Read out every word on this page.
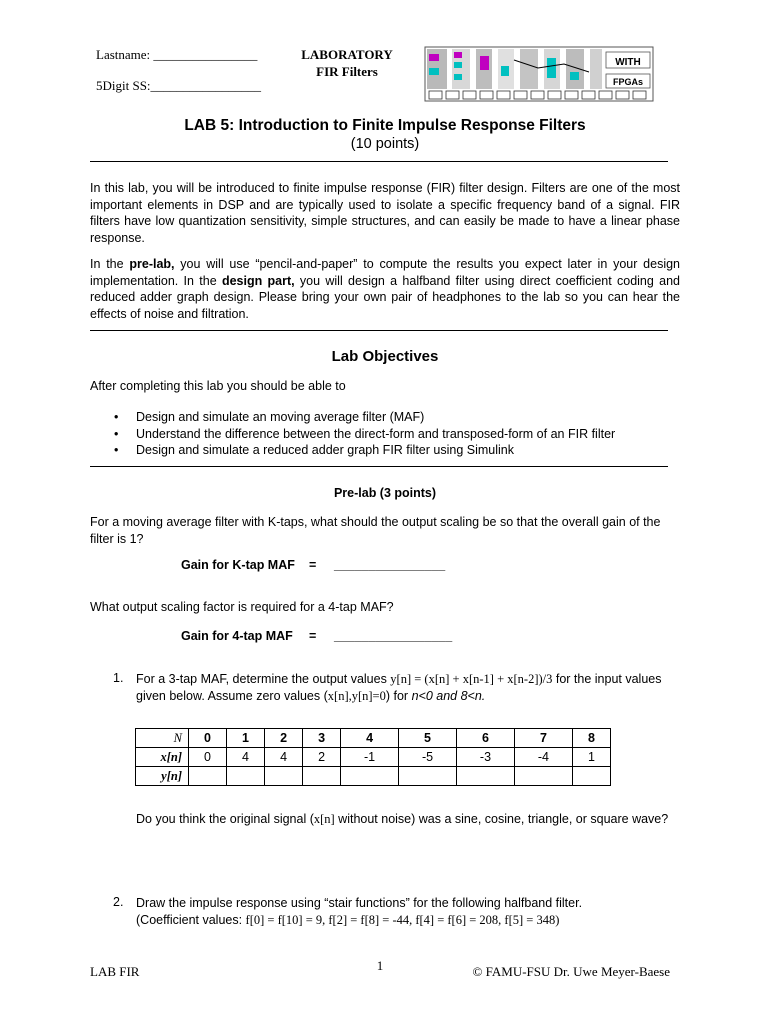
Lastname: ________________
5Digit SS:_________________
LABORATORY
FIR Filters
WITH
FPGAs
LAB 5: Introduction to Finite Impulse Response Filters
(10 points)
In this lab, you will be introduced to finite impulse response (FIR) filter design. Filters are one of the most important elements in DSP and are typically used to isolate a specific frequency band of a signal. FIR filters have low quantization sensitivity, simple structures, and can easily be made to have a linear phase response.
In the pre-lab, you will use “pencil-and-paper” to compute the results you expect later in your design implementation. In the design part, you will design a halfband filter using direct coefficient coding and reduced adder graph design. Please bring your own pair of headphones to the lab so you can hear the effects of noise and filtration.
Lab Objectives
After completing this lab you should be able to
• Design and simulate an moving average filter (MAF)
• Understand the difference between the direct-form and transposed-form of an FIR filter
• Design and simulate a reduced adder graph FIR filter using Simulink
Pre-lab (3 points)
For a moving average filter with K-taps, what should the output scaling be so that the overall gain of the filter is 1?
Gain for K-tap MAF = ________________
What output scaling factor is required for a 4-tap MAF?
Gain for 4-tap MAF = _________________
1. For a 3-tap MAF, determine the output values y[n] = (x[n] + x[n-1] + x[n-2])/3 for the input values
given below. Assume zero values (x[n],y[n]=0) for n<0 and 8<n.
N	0	1	2	3	4	5	6	7	8
x[n]	0	4	4	2	-1	-5	-3	-4	1
y[n]									
Do you think the original signal (x[n] without noise) was a sine, cosine, triangle, or square wave?
2. Draw the impulse response using “stair functions” for the following halfband filter.
(Coefficient values: f[0] = f[10] = 9, f[2] = f[8] = -44, f[4] = f[6] = 208, f[5] = 348)
LAB FIR	1	© FAMU-FSU Dr. Uwe Meyer-Baese
